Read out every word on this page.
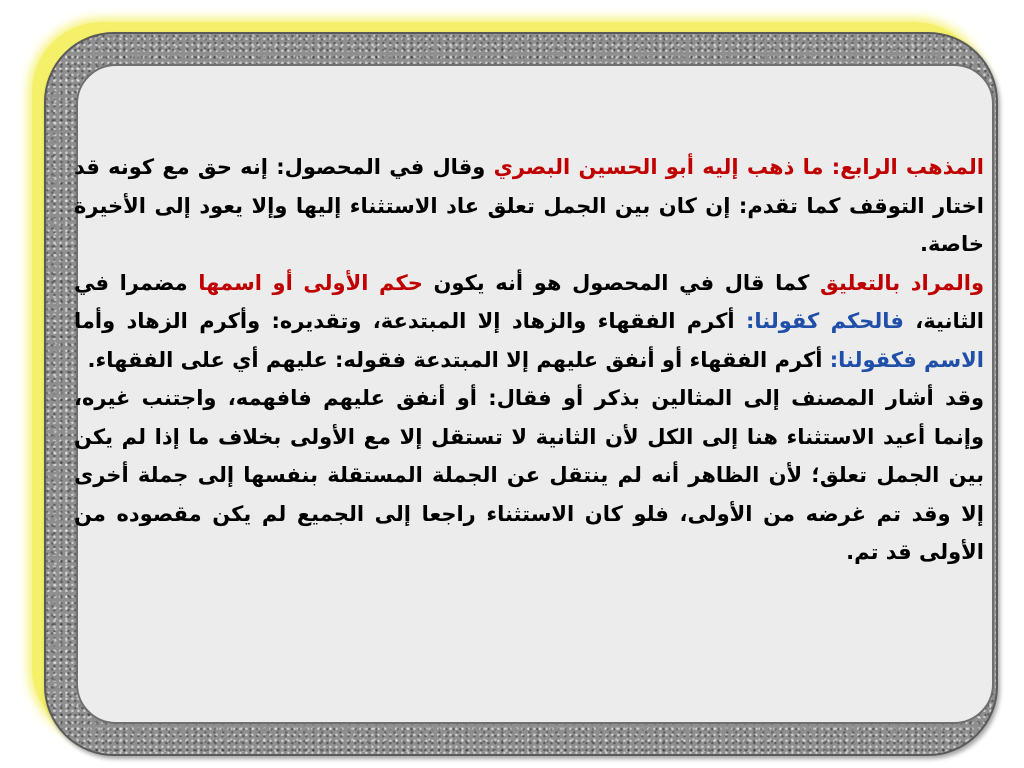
المذهب الرابع: ما ذهب إليه أبو الحسين البصري وقال في المحصول: إنه حق مع كونه قد اختار التوقف كما تقدم: إن كان بين الجمل تعلق عاد الاستثناء إليها وإلا يعود إلى الأخيرة خاصة.

والمراد بالتعليق كما قال في المحصول هو أنه يكون حكم الأولى أو اسمها مضمرا في الثانية، فالحكم كقولنا: أكرم الفقهاء والزهاد إلا المبتدعة، وتقديره: وأكرم الزهاد وأما الاسم فكقولنا: أكرم الفقهاء أو أنفق عليهم إلا المبتدعة فقوله: عليهم أي على الفقهاء.

وقد أشار المصنف إلى المثالين بذكر أو فقال: أو أنفق عليهم فافهمه، واجتنب غيره، وإنما أعيد الاستثناء هنا إلى الكل لأن الثانية لا تستقل إلا مع الأولى بخلاف ما إذا لم يكن بين الجمل تعلق؛ لأن الظاهر أنه لم ينتقل عن الجملة المستقلة بنفسها إلى جملة أخرى إلا وقد تم غرضه من الأولى، فلو كان الاستثناء راجعا إلى الجميع لم يكن مقصوده من الأولى قد تم.
